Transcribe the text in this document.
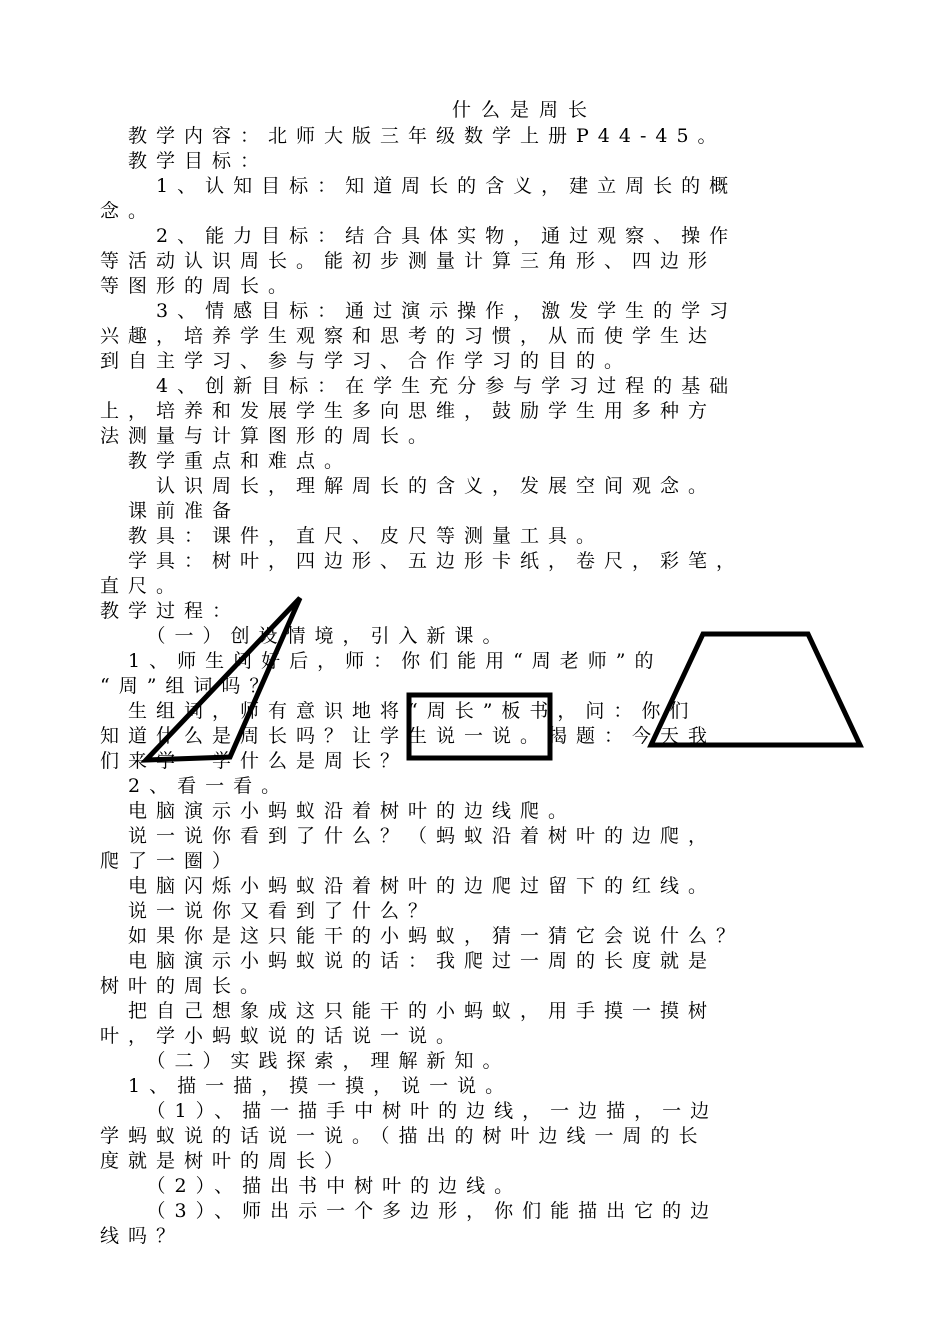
什么是周长
　教学内容：北师大版三年级数学上册P44-45。
　教学目标：
　　1、认知目标：知道周长的含义，建立周长的概
念。
　　2、能力目标：结合具体实物，通过观察、操作
等活动认识周长。能初步测量计算三角形、四边形
等图形的周长。
　　3、情感目标：通过演示操作，激发学生的学习
兴趣，培养学生观察和思考的习惯，从而使学生达
到自主学习、参与学习、合作学习的目的。
　　4、创新目标：在学生充分参与学习过程的基础
上，培养和发展学生多向思维，鼓励学生用多种方
法测量与计算图形的周长。
　教学重点和难点。
　　认识周长，理解周长的含义，发展空间观念。
　课前准备
　教具：课件，直尺、皮尺等测量工具。
　学具：树叶，四边形、五边形卡纸，卷尺，彩笔，
直尺。
教学过程：
　　（一）创设情境，引入新课。
　1、师生问好后，师：你们能用“周老师”的
“周”组词吗？
　生组词，师有意识地将“周长”板书，问：你们
知道什么是周长吗？让学生说一说。揭题：今天我
们来学一学什么是周长？
　2、看一看。
　电脑演示小蚂蚁沿着树叶的边线爬。
　说一说你看到了什么？（蚂蚁沿着树叶的边爬，
爬了一圈）
　电脑闪烁小蚂蚁沿着树叶的边爬过留下的红线。
　说一说你又看到了什么？
　如果你是这只能干的小蚂蚁，猜一猜它会说什么？
　电脑演示小蚂蚁说的话：我爬过一周的长度就是
树叶的周长。
　把自己想象成这只能干的小蚂蚁，用手摸一摸树
叶，学小蚂蚁说的话说一说。
　　（二）实践探索，理解新知。
　1、描一描，摸一摸，说一说。
　　（1）、描一描手中树叶的边线，一边描，一边
学蚂蚁说的话说一说。（描出的树叶边线一周的长
度就是树叶的周长）
　　（2）、描出书中树叶的边线。
　　（3）、师出示一个多边形，你们能描出它的边
线吗？
